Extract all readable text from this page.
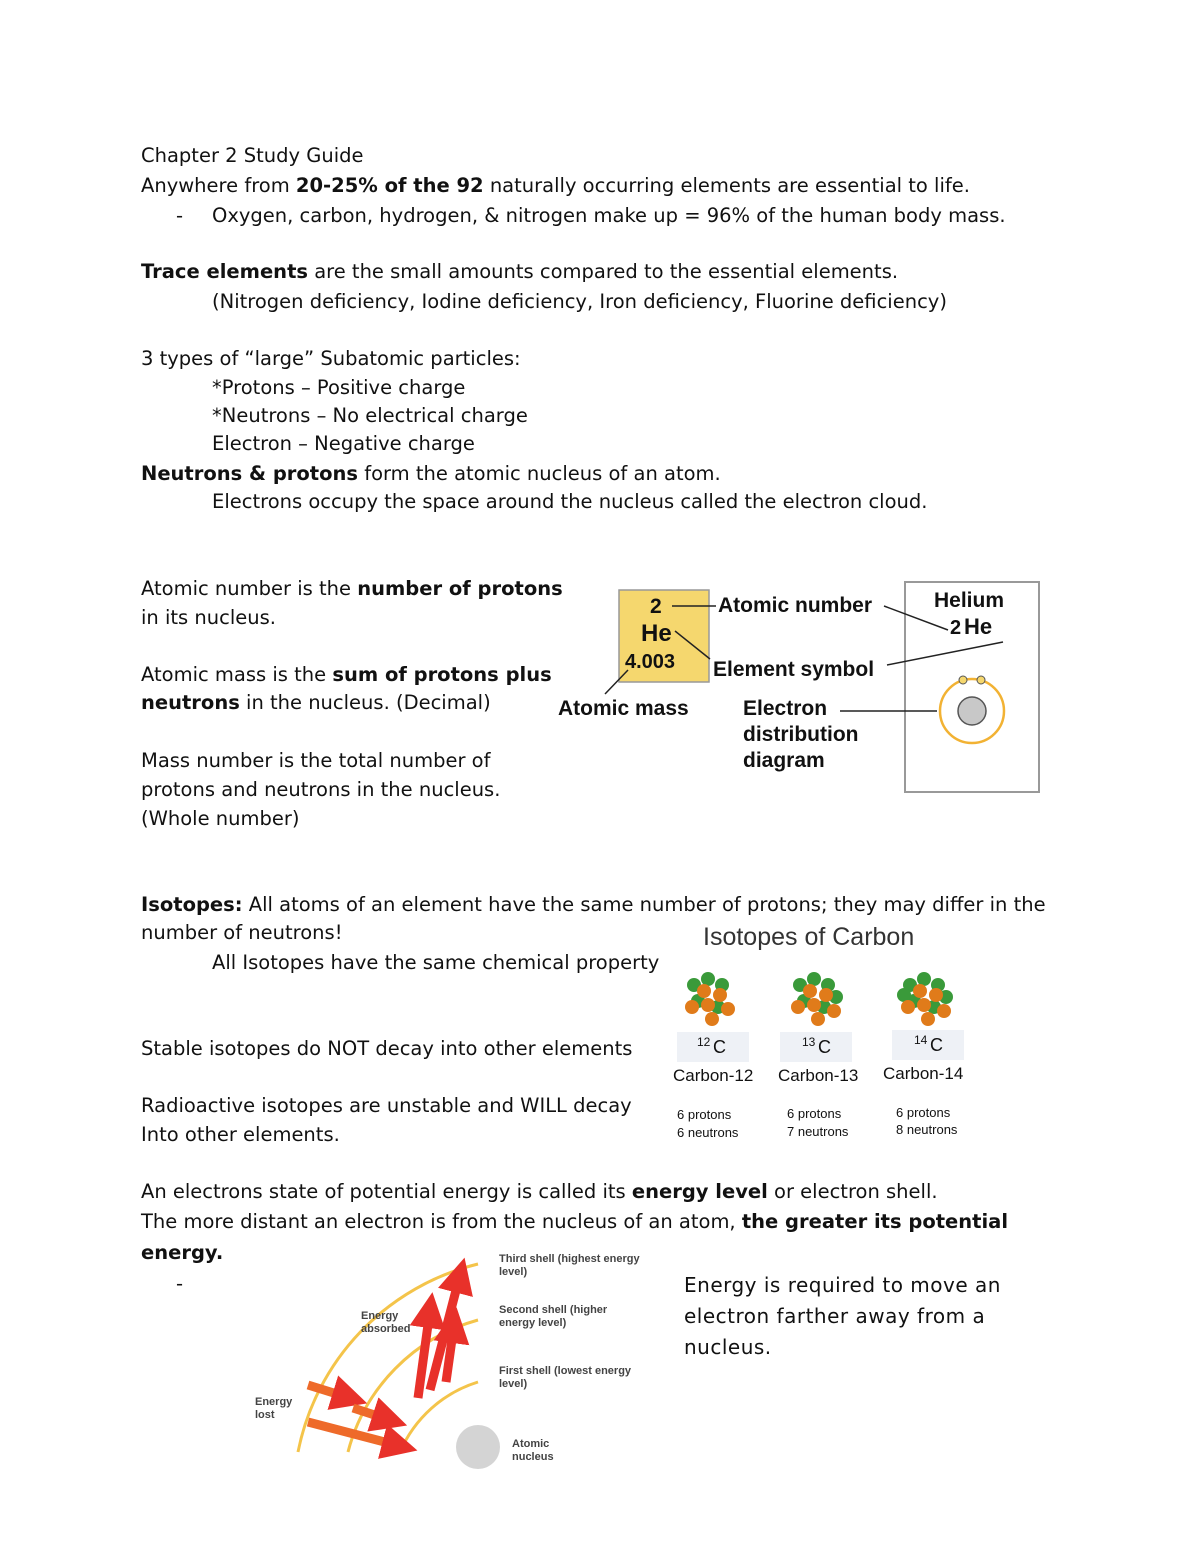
Chapter 2 Study Guide
Anywhere from 20-25% of the 92 naturally occurring elements are essential to life.
- Oxygen, carbon, hydrogen, & nitrogen make up = 96% of the human body mass.
Trace elements are the small amounts compared to the essential elements.
(Nitrogen deficiency, Iodine deficiency, Iron deficiency, Fluorine deficiency)
3 types of “large” Subatomic particles:
*Protons – Positive charge
*Neutrons – No electrical charge
Electron – Negative charge
Neutrons & protons form the atomic nucleus of an atom.
Electrons occupy the space around the nucleus called the electron cloud.
Atomic number is the number of protons
in its nucleus.
Atomic mass is the sum of protons plus
neutrons in the nucleus. (Decimal)
Mass number is the total number of
protons and neutrons in the nucleus.
(Whole number)
2
He
4.003
Atomic number
Element symbol
Atomic mass	Electron
distribution
diagram
Helium
2 He
Isotopes: All atoms of an element have the same number of protons; they may differ in the
number of neutrons!
All Isotopes have the same chemical property
Stable isotopes do NOT decay into other elements
Radioactive isotopes are unstable and WILL decay
Into other elements.
Isotopes of Carbon
12 C
Carbon-12
6 protons
6 neutrons
13 C
Carbon-13
6 protons
7 neutrons
14 C
Carbon-14
6 protons
8 neutrons
An electrons state of potential energy is called its energy level or electron shell.
The more distant an electron is from the nucleus of an atom, the greater its potential
energy.
-	Energy is required to move an
electron farther away from a
nucleus.
Third shell (highest energy
level)
Second shell (higher
energy level)
First shell (lowest energy
level)
Energy
absorbed
Energy
lost
Atomic
nucleus
